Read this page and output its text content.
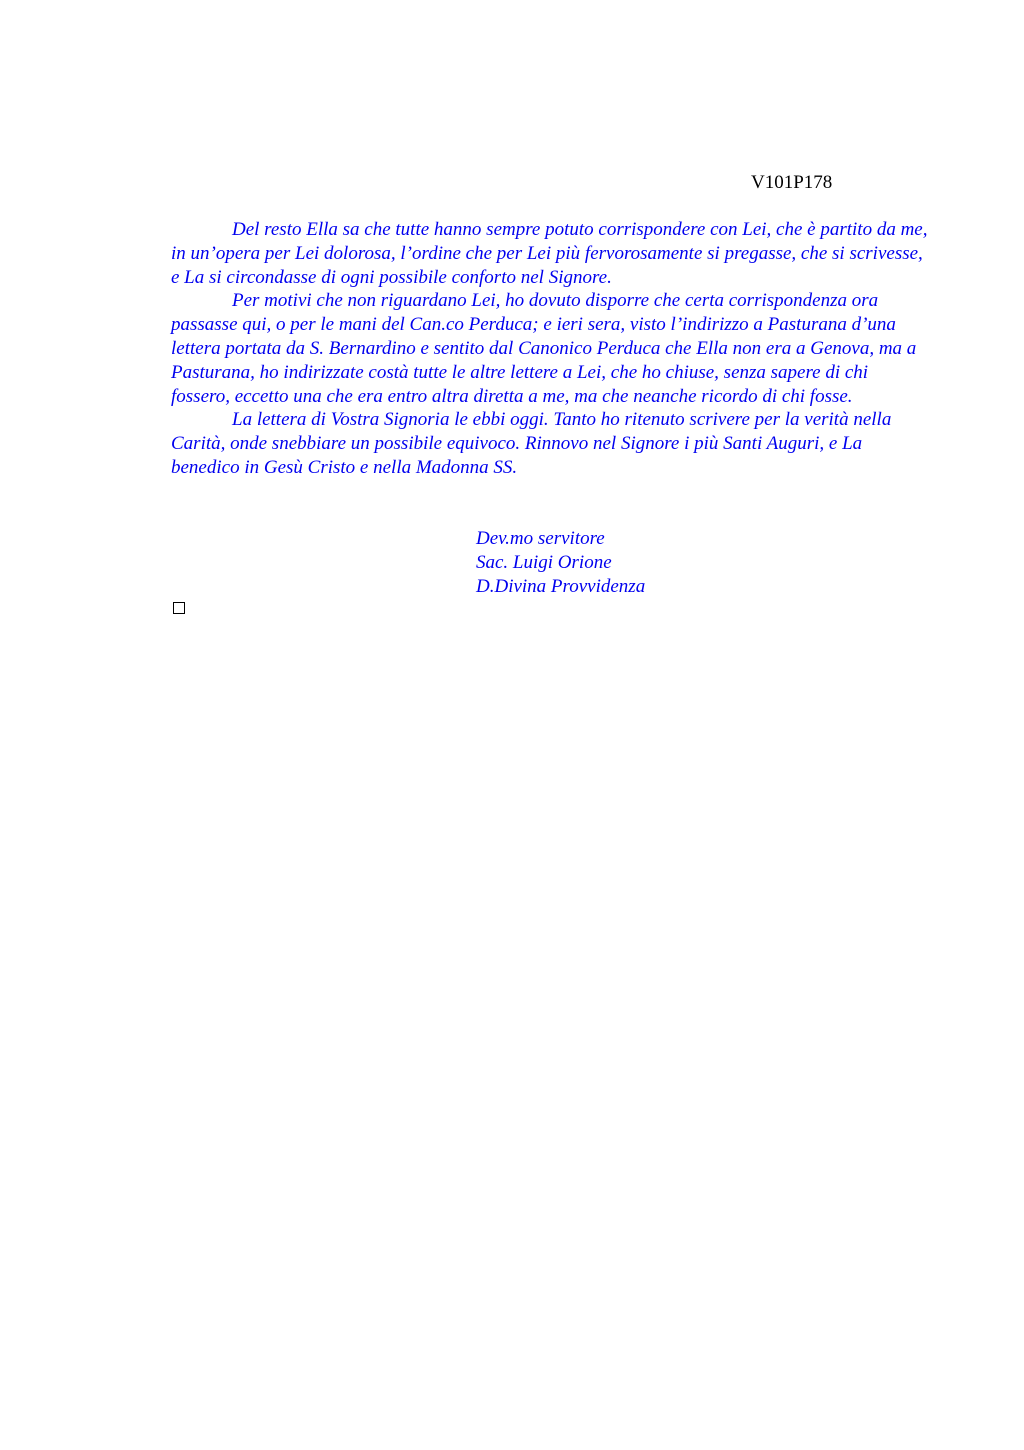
V101P178

Del resto Ella sa che tutte hanno sempre potuto corrispondere con Lei, che è partito da me, in un’opera per Lei dolorosa, l’ordine che per Lei più fervorosamente si pregasse, che si scrivesse, e La si circondasse di ogni possibile conforto nel Signore.

Per motivi che non riguardano Lei, ho dovuto disporre che certa corrispondenza ora passasse qui, o per le mani del Can.co Perduca; e ieri sera, visto l’indirizzo a Pasturana d’una lettera portata da S. Bernardino e sentito dal Canonico Perduca che Ella non era a Genova, ma a Pasturana, ho indirizzate costà tutte le altre lettere a Lei, che ho chiuse, senza sapere di chi fossero, eccetto una che era entro altra diretta a me, ma che neanche ricordo di chi fosse.

La lettera di Vostra Signoria le ebbi oggi. Tanto ho ritenuto scrivere per la verità nella Carità, onde snebbiare un possibile equivoco. Rinnovo nel Signore i più Santi Auguri, e La benedico in Gesù Cristo e nella Madonna SS.

Dev.mo servitore
Sac. Luigi Orione
D.Divina Provvidenza
